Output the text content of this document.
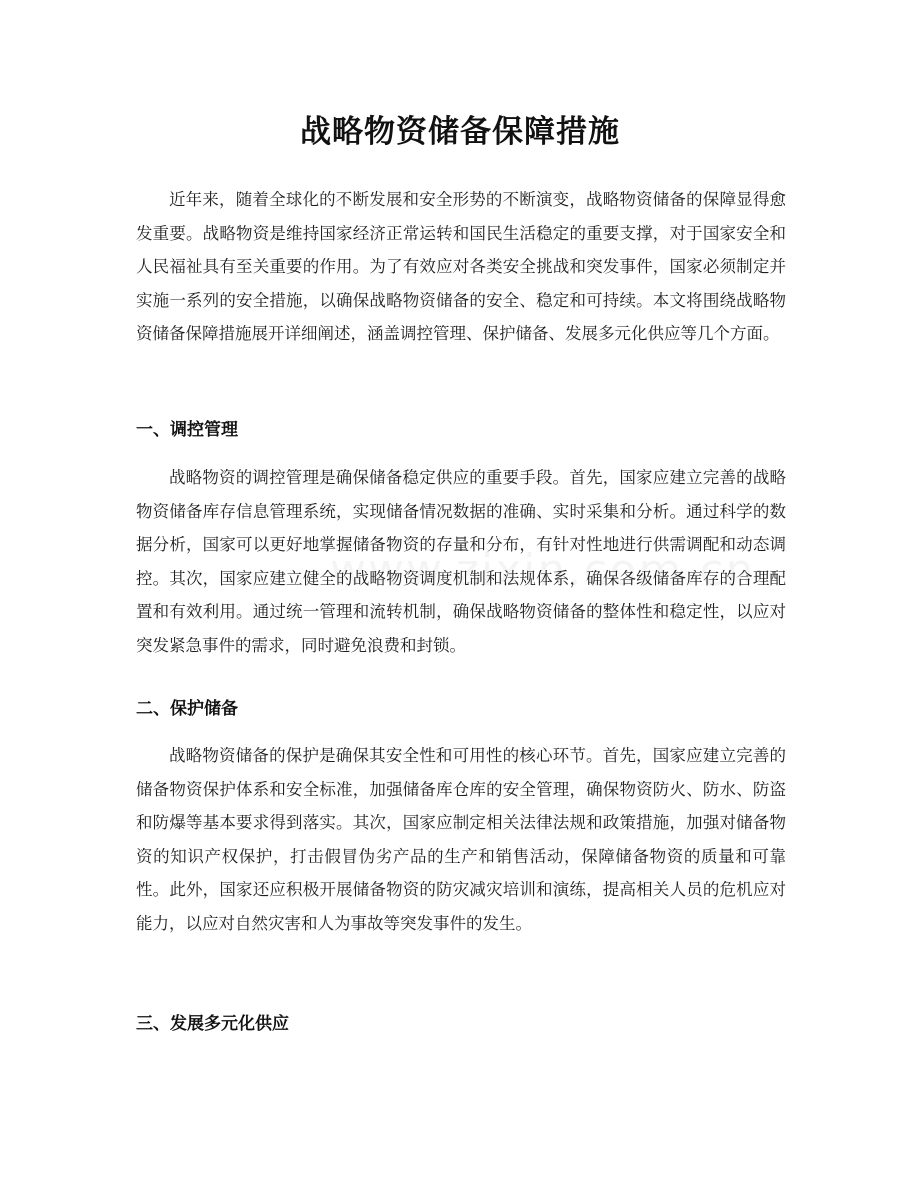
战略物资储备保障措施

近年来，随着全球化的不断发展和安全形势的不断演变，战略物资储备的保障显得愈发重要。战略物资是维持国家经济正常运转和国民生活稳定的重要支撑，对于国家安全和人民福祉具有至关重要的作用。为了有效应对各类安全挑战和突发事件，国家必须制定并实施一系列的安全措施，以确保战略物资储备的安全、稳定和可持续。本文将围绕战略物资储备保障措施展开详细阐述，涵盖调控管理、保护储备、发展多元化供应等几个方面。

一、调控管理

战略物资的调控管理是确保储备稳定供应的重要手段。首先，国家应建立完善的战略物资储备库存信息管理系统，实现储备情况数据的准确、实时采集和分析。通过科学的数据分析，国家可以更好地掌握储备物资的存量和分布，有针对性地进行供需调配和动态调控。其次，国家应建立健全的战略物资调度机制和法规体系，确保各级储备库存的合理配置和有效利用。通过统一管理和流转机制，确保战略物资储备的整体性和稳定性，以应对突发紧急事件的需求，同时避免浪费和封锁。

二、保护储备

战略物资储备的保护是确保其安全性和可用性的核心环节。首先，国家应建立完善的储备物资保护体系和安全标准，加强储备库仓库的安全管理，确保物资防火、防水、防盗和防爆等基本要求得到落实。其次，国家应制定相关法律法规和政策措施，加强对储备物资的知识产权保护，打击假冒伪劣产品的生产和销售活动，保障储备物资的质量和可靠性。此外，国家还应积极开展储备物资的防灾减灾培训和演练，提高相关人员的危机应对能力，以应对自然灾害和人为事故等突发事件的发生。

三、发展多元化供应
